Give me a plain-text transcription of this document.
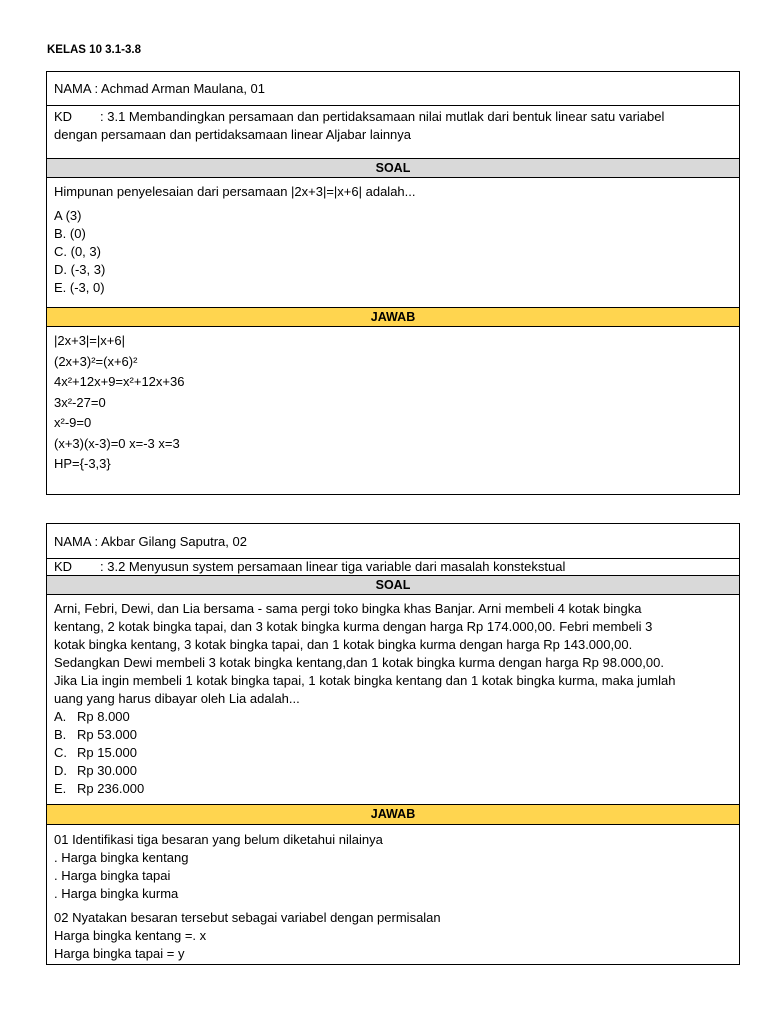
KELAS 10 3.1-3.8
NAMA : Achmad Arman Maulana, 01
KD : 3.1 Membandingkan persamaan dan pertidaksamaan nilai mutlak dari bentuk linear satu variabel
dengan persamaan dan pertidaksamaan linear Aljabar lainnya
SOAL
Himpunan penyelesaian dari persamaan |2x+3|=|x+6| adalah...
A (3)
B. (0)
C. (0, 3)
D. (-3, 3)
E. (-3, 0)
JAWAB
|2x+3|=|x+6|
(2x+3)²=(x+6)²
4x²+12x+9=x²+12x+36
3x²-27=0
x²-9=0
(x+3)(x-3)=0 x=-3 x=3
HP={-3,3}
NAMA : Akbar Gilang Saputra, 02
KD : 3.2 Menyusun system persamaan linear tiga variable dari masalah konstekstual
SOAL
Arni, Febri, Dewi, dan Lia bersama - sama pergi toko bingka khas Banjar. Arni membeli 4 kotak bingka
kentang, 2 kotak bingka tapai, dan 3 kotak bingka kurma dengan harga Rp 174.000,00. Febri membeli 3
kotak bingka kentang, 3 kotak bingka tapai, dan 1 kotak bingka kurma dengan harga Rp 143.000,00.
Sedangkan Dewi membeli 3 kotak bingka kentang,dan 1 kotak bingka kurma dengan harga Rp 98.000,00.
Jika Lia ingin membeli 1 kotak bingka tapai, 1 kotak bingka kentang dan 1 kotak bingka kurma, maka jumlah
uang yang harus dibayar oleh Lia adalah...
A. Rp 8.000
B. Rp 53.000
C. Rp 15.000
D. Rp 30.000
E. Rp 236.000
JAWAB
01 Identifikasi tiga besaran yang belum diketahui nilainya
. Harga bingka kentang
. Harga bingka tapai
. Harga bingka kurma
02 Nyatakan besaran tersebut sebagai variabel dengan permisalan
Harga bingka kentang =. x
Harga bingka tapai = y
